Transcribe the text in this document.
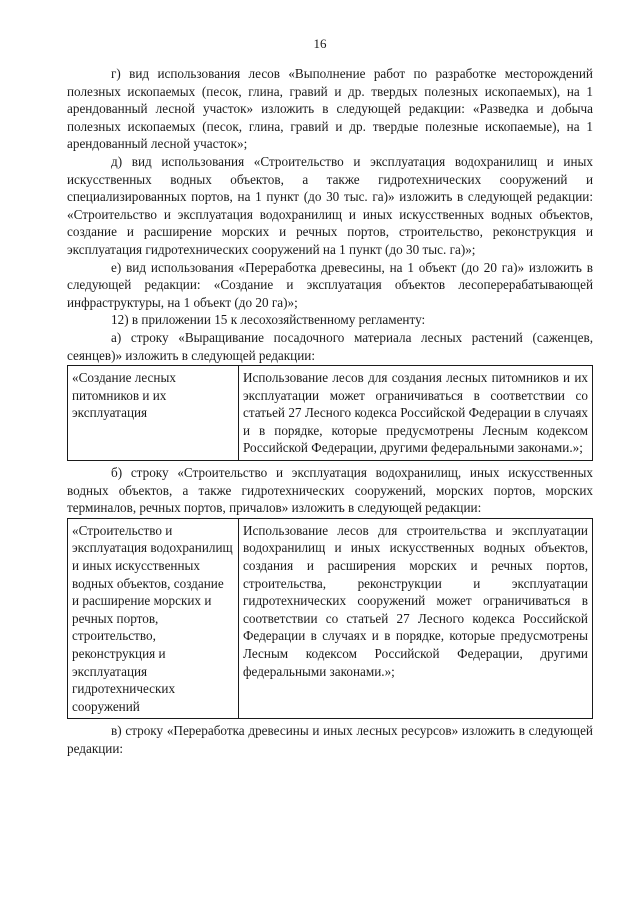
16

г) вид использования лесов «Выполнение работ по разработке месторождений полезных ископаемых (песок, глина, гравий и др. твердых полезных ископаемых), на 1 арендованный лесной участок» изложить в следующей редакции: «Разведка и добыча полезных ископаемых (песок, глина, гравий и др. твердые полезные ископаемые), на 1 арендованный лесной участок»;

д) вид использования «Строительство и эксплуатация водохранилищ и иных искусственных водных объектов, а также гидротехнических сооружений и специализированных портов, на 1 пункт (до 30 тыс. га)» изложить в следующей редакции: «Строительство и эксплуатация водохранилищ и иных искусственных водных объектов, создание и расширение морских и речных портов, строительство, реконструкция и эксплуатация гидротехнических сооружений на 1 пункт (до 30 тыс. га)»;

е) вид использования «Переработка древесины, на 1 объект (до 20 га)» изложить в следующей редакции: «Создание и эксплуатация объектов лесоперерабатывающей инфраструктуры, на 1 объект (до 20 га)»;

12) в приложении 15 к лесохозяйственному регламенту:

а) строку «Выращивание посадочного материала лесных растений (саженцев, сеянцев)» изложить в следующей редакции:

«Создание лесных питомников и их эксплуатация	Использование лесов для создания лесных питомников и их эксплуатации может ограничиваться в соответствии со статьей 27 Лесного кодекса Российской Федерации в случаях и в порядке, которые предусмотрены Лесным кодексом Российской Федерации, другими федеральными законами.»;

б) строку «Строительство и эксплуатация водохранилищ, иных искусственных водных объектов, а также гидротехнических сооружений, морских портов, морских терминалов, речных портов, причалов» изложить в следующей редакции:

«Строительство и эксплуатация водохранилищ и иных искусственных водных объектов, создание и расширение морских и речных портов, строительство, реконструкция и эксплуатация гидротехнических сооружений	Использование лесов для строительства и эксплуатации водохранилищ и иных искусственных водных объектов, создания и расширения морских и речных портов, строительства, реконструкции и эксплуатации гидротехнических сооружений может ограничиваться в соответствии со статьей 27 Лесного кодекса Российской Федерации в случаях и в порядке, которые предусмотрены Лесным кодексом Российской Федерации, другими федеральными законами.»;

в) строку «Переработка древесины и иных лесных ресурсов» изложить в следующей редакции:
